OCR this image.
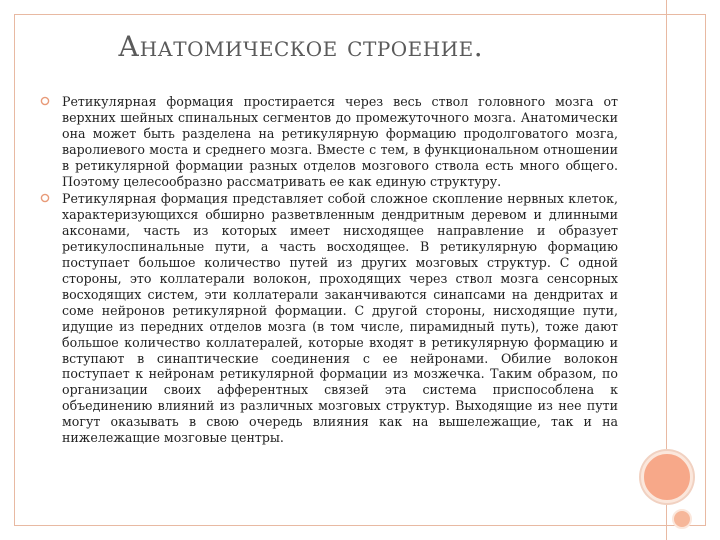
Анатомическое строение.
Ретикулярная формация простирается через весь ствол головного мозга от верхних шейных спинальных сегментов до промежуточного мозга. Анатомически она может быть разделена на ретикулярную формацию продолговатого мозга, варолиевого моста и среднего мозга. Вместе с тем, в функциональном отношении в ретикулярной формации разных отделов мозгового ствола есть много общего. Поэтому целесообразно рассматривать ее как единую структуру.
Ретикулярная формация представляет собой сложное скопление нервных клеток, характеризующихся обширно разветвленным дендритным деревом и длинными аксонами, часть из которых имеет нисходящее направление и образует ретикулоспинальные пути, а часть восходящее. В ретикулярную формацию поступает большое количество путей из других мозговых структур. С одной стороны, это коллатерали волокон, проходящих через ствол мозга сенсорных восходящих систем, эти коллатерали заканчиваются синапсами на дендритах и соме нейронов ретикулярной формации. С другой стороны, нисходящие пути, идущие из передних отделов мозга (в том числе, пирамидный путь), тоже дают большое количество коллатералей, которые входят в ретикулярную формацию и вступают в синаптические соединения с ее нейронами. Обилие волокон поступает к нейронам ретикулярной формации из мозжечка. Таким образом, по организации своих афферентных связей эта система приспособлена к объединению влияний из различных мозговых структур. Выходящие из нее пути могут оказывать в свою очередь влияния как на вышележащие, так и на нижележащие мозговые центры.
